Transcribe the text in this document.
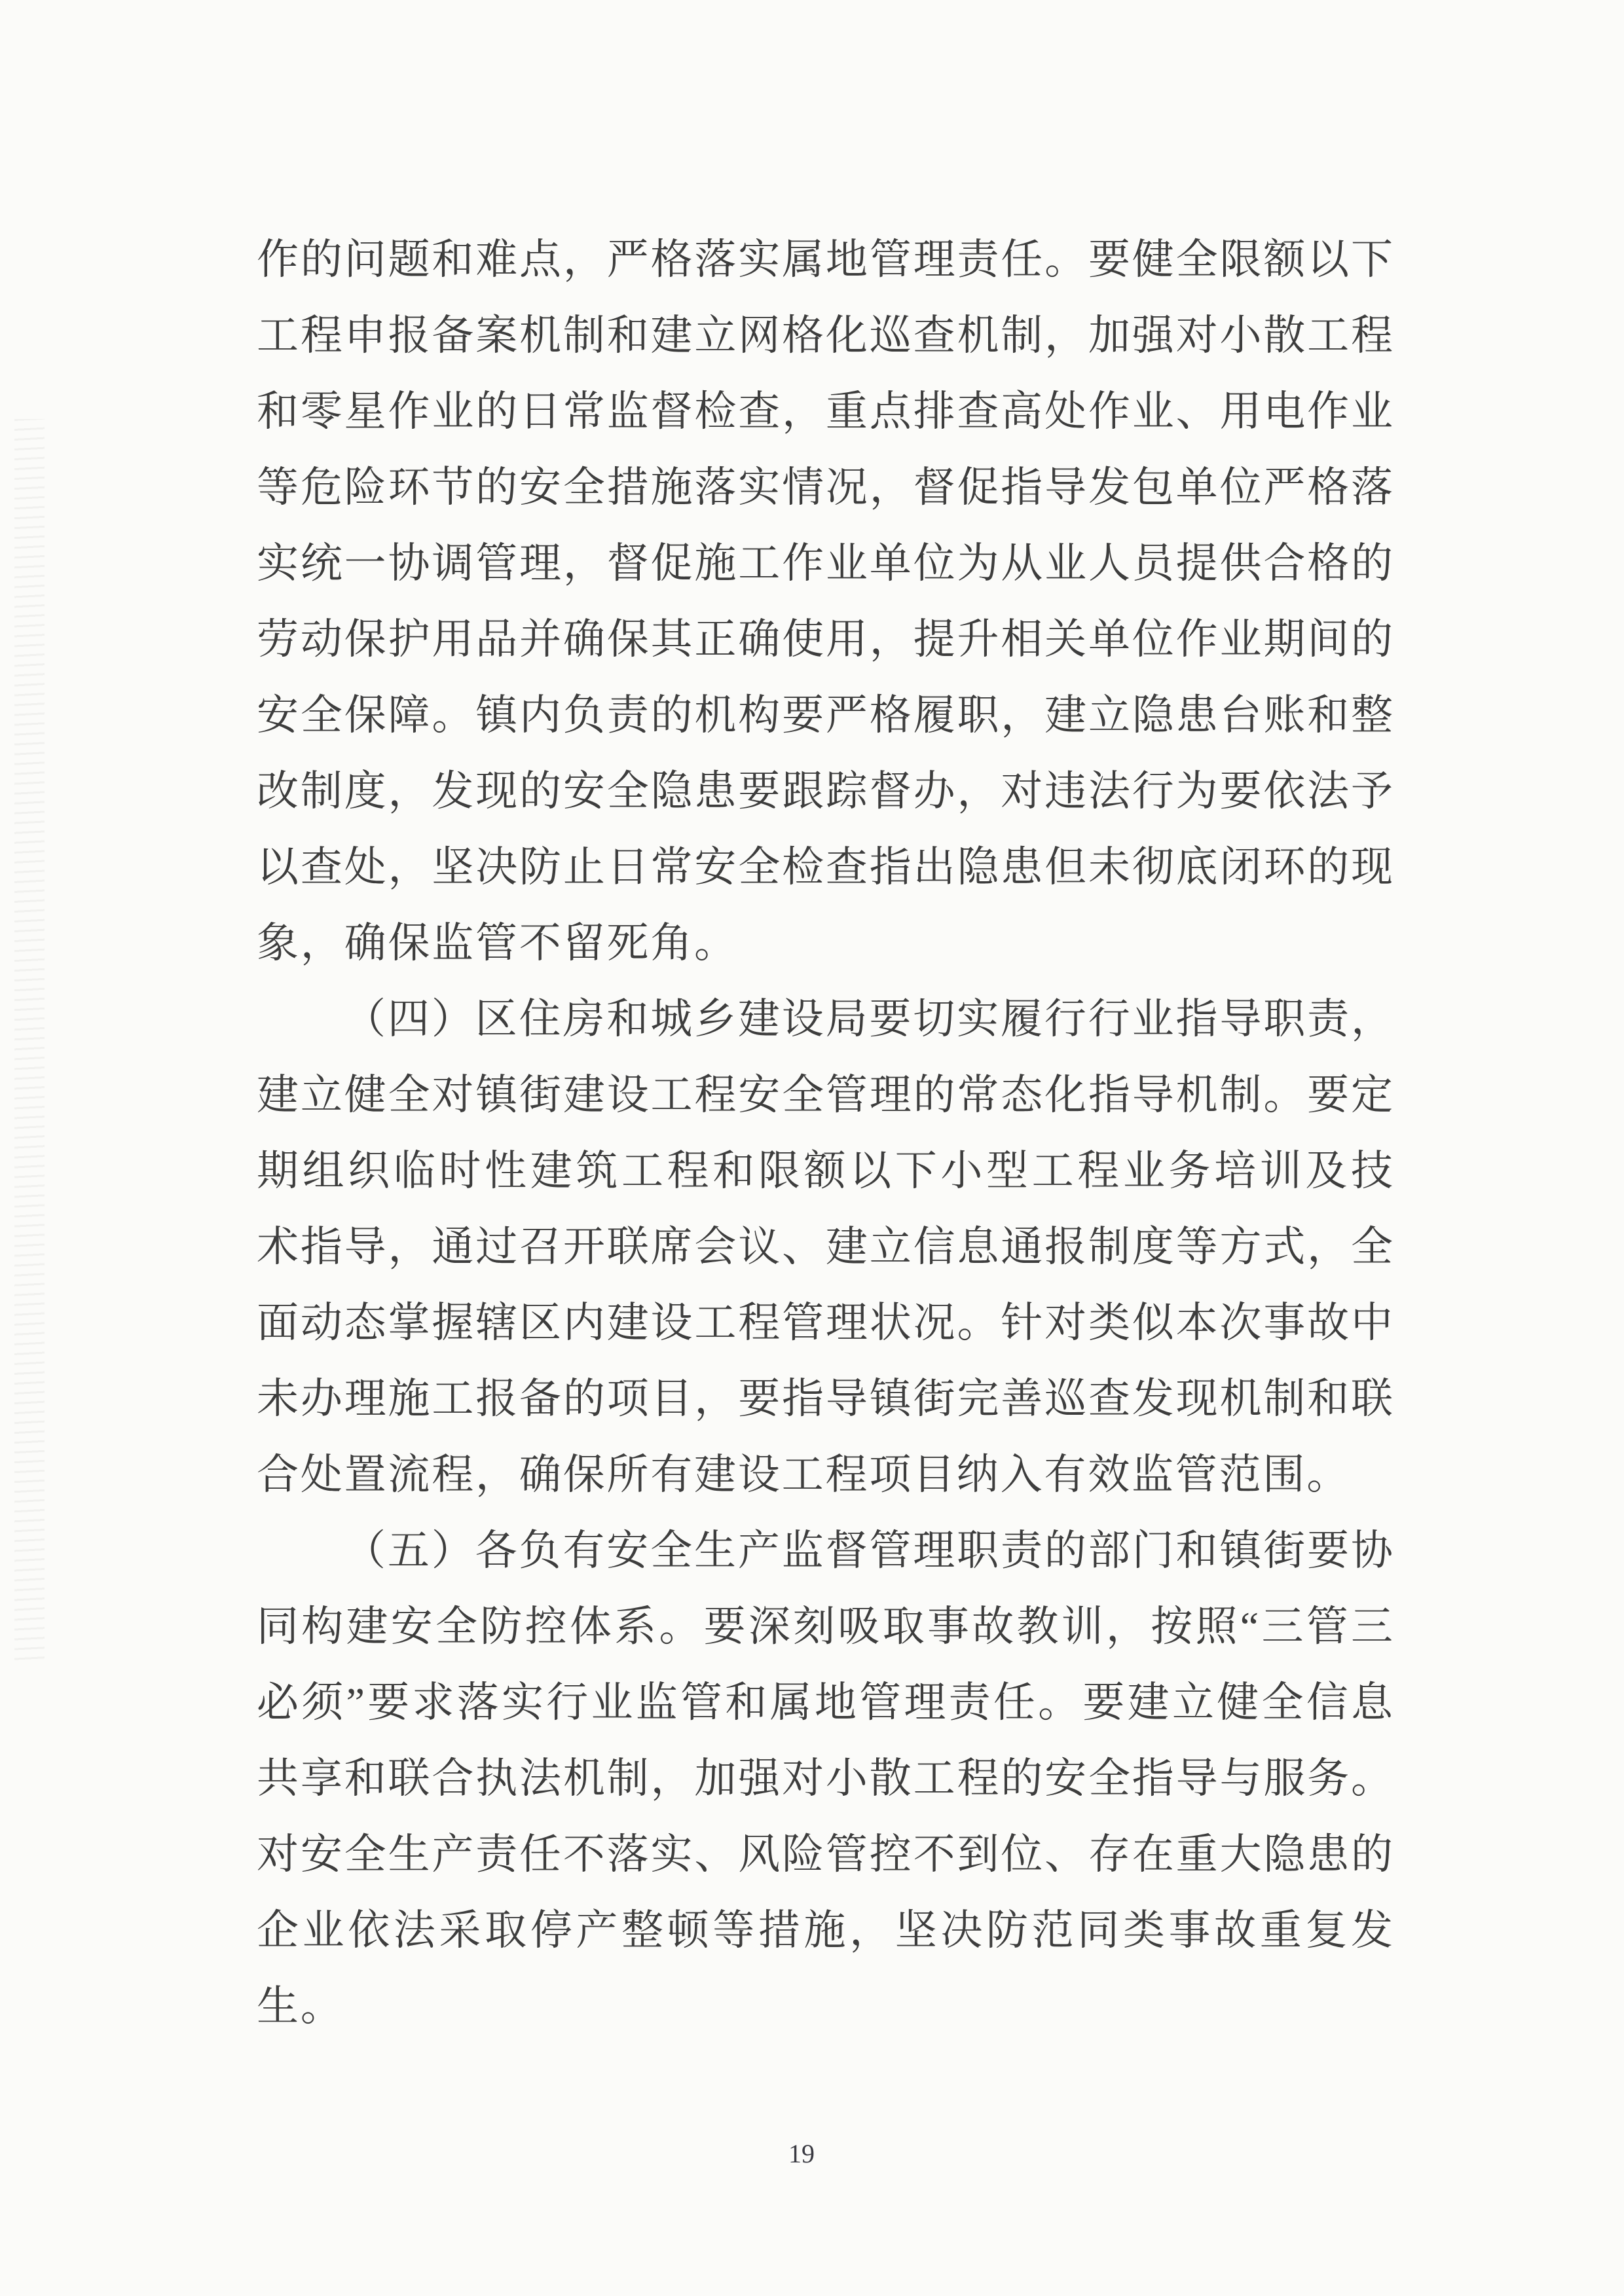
作的问题和难点，严格落实属地管理责任。要健全限额以下
工程申报备案机制和建立网格化巡查机制，加强对小散工程
和零星作业的日常监督检查，重点排查高处作业、用电作业
等危险环节的安全措施落实情况，督促指导发包单位严格落
实统一协调管理，督促施工作业单位为从业人员提供合格的
劳动保护用品并确保其正确使用，提升相关单位作业期间的
安全保障。镇内负责的机构要严格履职，建立隐患台账和整
改制度，发现的安全隐患要跟踪督办，对违法行为要依法予
以查处，坚决防止日常安全检查指出隐患但未彻底闭环的现
象，确保监管不留死角。
（四）区住房和城乡建设局要切实履行行业指导职责，
建立健全对镇街建设工程安全管理的常态化指导机制。要定
期组织临时性建筑工程和限额以下小型工程业务培训及技
术指导，通过召开联席会议、建立信息通报制度等方式，全
面动态掌握辖区内建设工程管理状况。针对类似本次事故中
未办理施工报备的项目，要指导镇街完善巡查发现机制和联
合处置流程，确保所有建设工程项目纳入有效监管范围。
（五）各负有安全生产监督管理职责的部门和镇街要协
同构建安全防控体系。要深刻吸取事故教训，按照“三管三
必须”要求落实行业监管和属地管理责任。要建立健全信息
共享和联合执法机制，加强对小散工程的安全指导与服务。
对安全生产责任不落实、风险管控不到位、存在重大隐患的
企业依法采取停产整顿等措施，坚决防范同类事故重复发
生。
19
